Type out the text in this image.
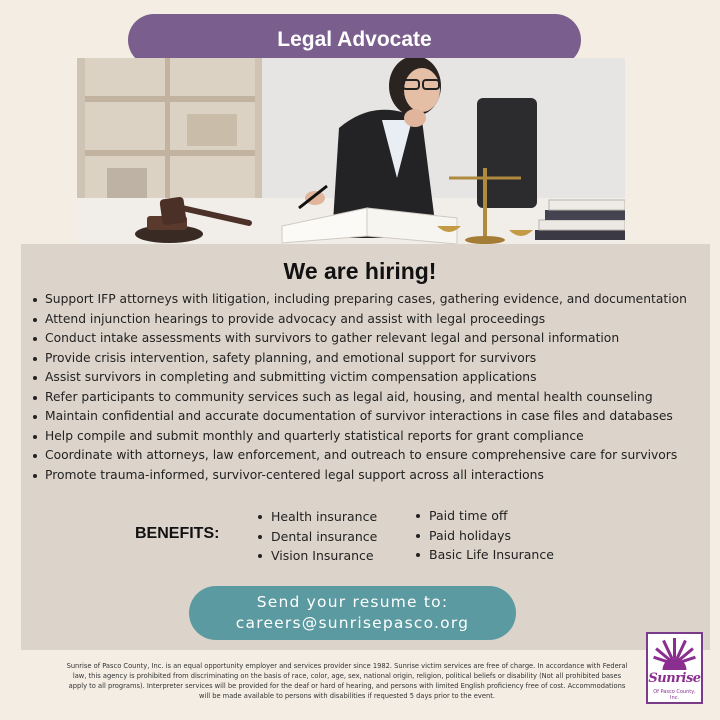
Legal Advocate
We are hiring!
Support IFP attorneys with litigation, including preparing cases, gathering evidence, and documentation
Attend injunction hearings to provide advocacy and assist with legal proceedings
Conduct intake assessments with survivors to gather relevant legal and personal information
Provide crisis intervention, safety planning, and emotional support for survivors
Assist survivors in completing and submitting victim compensation applications
Refer participants to community services such as legal aid, housing, and mental health counseling
Maintain confidential and accurate documentation of survivor interactions in case files and databases
Help compile and submit monthly and quarterly statistical reports for grant compliance
Coordinate with attorneys, law enforcement, and outreach to ensure comprehensive care for survivors
Promote trauma-informed, survivor-centered legal support across all interactions
BENEFITS:
Health insurance
Dental insurance
Vision Insurance
Paid time off
Paid holidays
Basic Life Insurance
Send your resume to:
careers@sunrisepasco.org
Sunrise of Pasco County, Inc. is an equal opportunity employer and services provider since 1982. Sunrise victim services are free of charge. In accordance with Federal law, this agency is prohibited from discriminating on the basis of race, color, age, sex, national origin, religion, political beliefs or disability (Not all prohibited bases apply to all programs). Interpreter services will be provided for the deaf or hard of hearing, and persons with limited English proficiency free of cost. Accommodations will be made available to persons with disabilities if requested 5 days prior to the event.
Sunrise
Of Pasco County, Inc.
